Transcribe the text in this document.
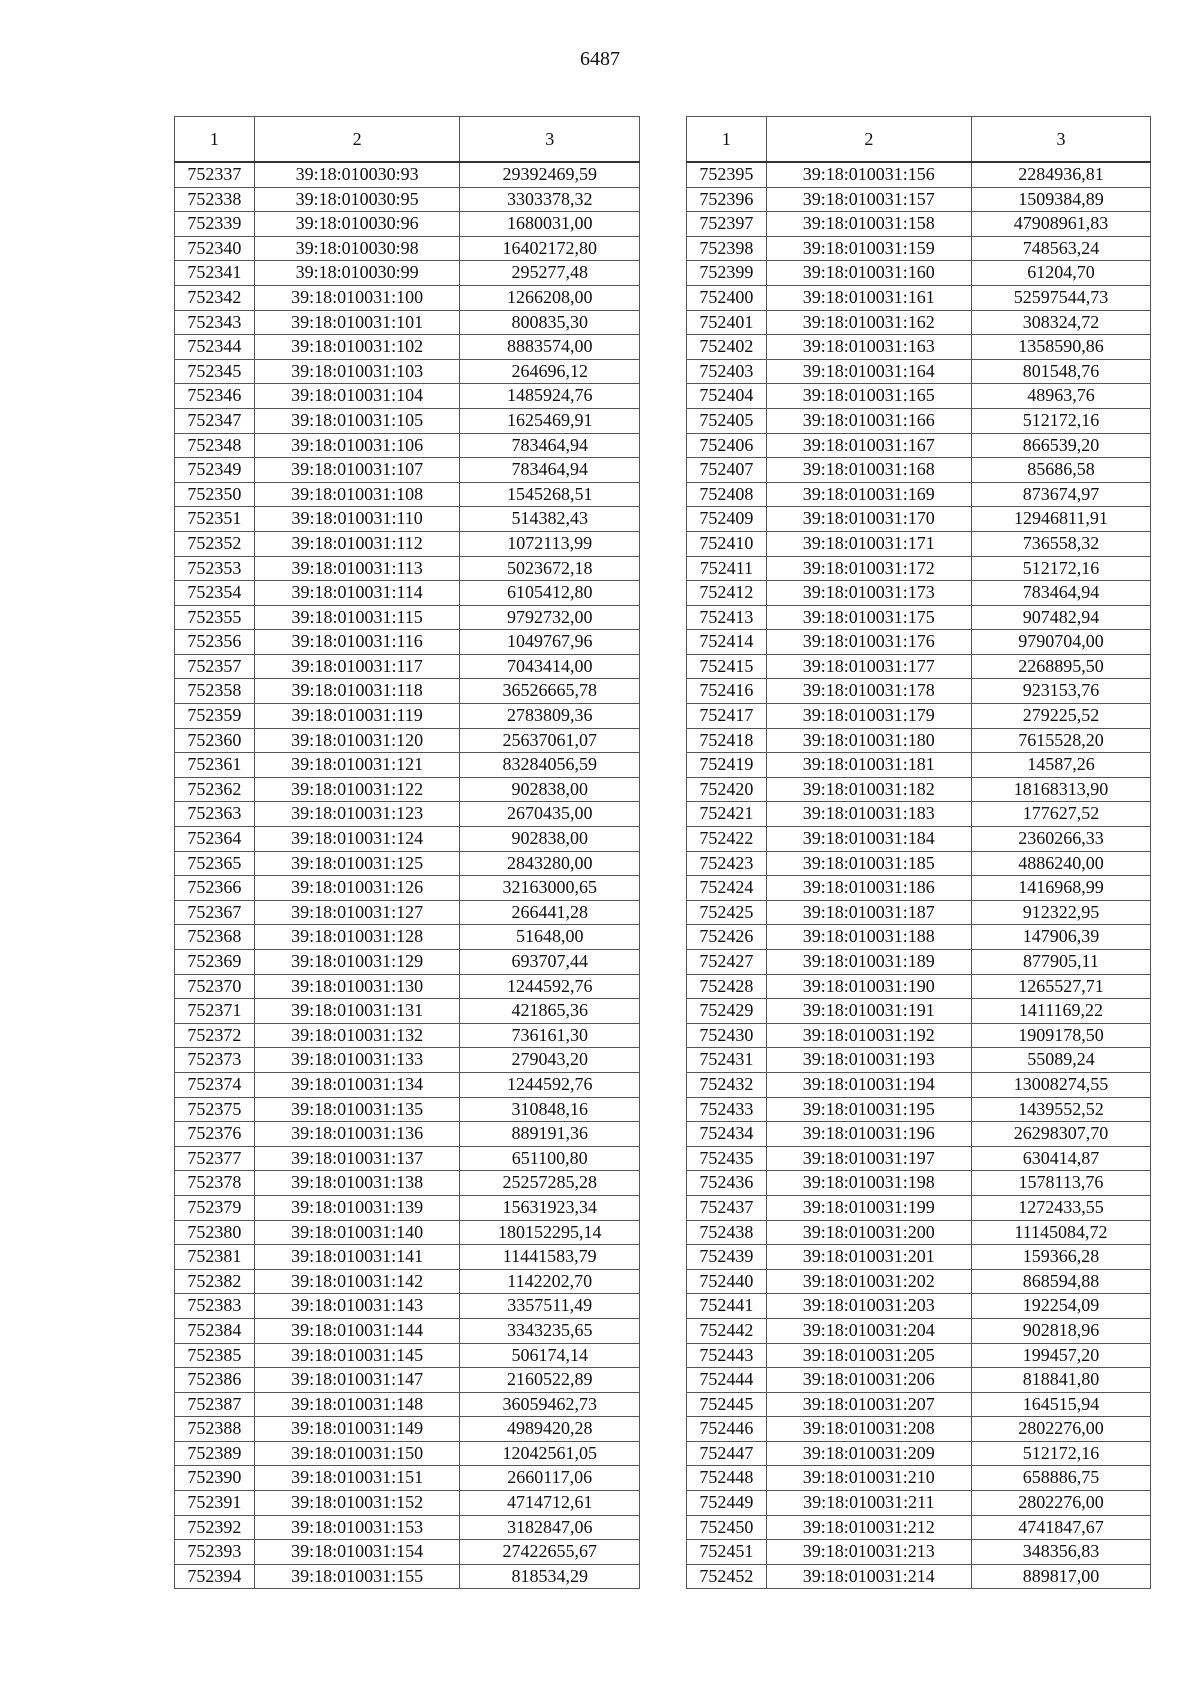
6487
1	2	3
752337	39:18:010030:93	29392469,59
752338	39:18:010030:95	3303378,32
752339	39:18:010030:96	1680031,00
752340	39:18:010030:98	16402172,80
752341	39:18:010030:99	295277,48
752342	39:18:010031:100	1266208,00
752343	39:18:010031:101	800835,30
752344	39:18:010031:102	8883574,00
752345	39:18:010031:103	264696,12
752346	39:18:010031:104	1485924,76
752347	39:18:010031:105	1625469,91
752348	39:18:010031:106	783464,94
752349	39:18:010031:107	783464,94
752350	39:18:010031:108	1545268,51
752351	39:18:010031:110	514382,43
752352	39:18:010031:112	1072113,99
752353	39:18:010031:113	5023672,18
752354	39:18:010031:114	6105412,80
752355	39:18:010031:115	9792732,00
752356	39:18:010031:116	1049767,96
752357	39:18:010031:117	7043414,00
752358	39:18:010031:118	36526665,78
752359	39:18:010031:119	2783809,36
752360	39:18:010031:120	25637061,07
752361	39:18:010031:121	83284056,59
752362	39:18:010031:122	902838,00
752363	39:18:010031:123	2670435,00
752364	39:18:010031:124	902838,00
752365	39:18:010031:125	2843280,00
752366	39:18:010031:126	32163000,65
752367	39:18:010031:127	266441,28
752368	39:18:010031:128	51648,00
752369	39:18:010031:129	693707,44
752370	39:18:010031:130	1244592,76
752371	39:18:010031:131	421865,36
752372	39:18:010031:132	736161,30
752373	39:18:010031:133	279043,20
752374	39:18:010031:134	1244592,76
752375	39:18:010031:135	310848,16
752376	39:18:010031:136	889191,36
752377	39:18:010031:137	651100,80
752378	39:18:010031:138	25257285,28
752379	39:18:010031:139	15631923,34
752380	39:18:010031:140	180152295,14
752381	39:18:010031:141	11441583,79
752382	39:18:010031:142	1142202,70
752383	39:18:010031:143	3357511,49
752384	39:18:010031:144	3343235,65
752385	39:18:010031:145	506174,14
752386	39:18:010031:147	2160522,89
752387	39:18:010031:148	36059462,73
752388	39:18:010031:149	4989420,28
752389	39:18:010031:150	12042561,05
752390	39:18:010031:151	2660117,06
752391	39:18:010031:152	4714712,61
752392	39:18:010031:153	3182847,06
752393	39:18:010031:154	27422655,67
752394	39:18:010031:155	818534,29
1	2	3
752395	39:18:010031:156	2284936,81
752396	39:18:010031:157	1509384,89
752397	39:18:010031:158	47908961,83
752398	39:18:010031:159	748563,24
752399	39:18:010031:160	61204,70
752400	39:18:010031:161	52597544,73
752401	39:18:010031:162	308324,72
752402	39:18:010031:163	1358590,86
752403	39:18:010031:164	801548,76
752404	39:18:010031:165	48963,76
752405	39:18:010031:166	512172,16
752406	39:18:010031:167	866539,20
752407	39:18:010031:168	85686,58
752408	39:18:010031:169	873674,97
752409	39:18:010031:170	12946811,91
752410	39:18:010031:171	736558,32
752411	39:18:010031:172	512172,16
752412	39:18:010031:173	783464,94
752413	39:18:010031:175	907482,94
752414	39:18:010031:176	9790704,00
752415	39:18:010031:177	2268895,50
752416	39:18:010031:178	923153,76
752417	39:18:010031:179	279225,52
752418	39:18:010031:180	7615528,20
752419	39:18:010031:181	14587,26
752420	39:18:010031:182	18168313,90
752421	39:18:010031:183	177627,52
752422	39:18:010031:184	2360266,33
752423	39:18:010031:185	4886240,00
752424	39:18:010031:186	1416968,99
752425	39:18:010031:187	912322,95
752426	39:18:010031:188	147906,39
752427	39:18:010031:189	877905,11
752428	39:18:010031:190	1265527,71
752429	39:18:010031:191	1411169,22
752430	39:18:010031:192	1909178,50
752431	39:18:010031:193	55089,24
752432	39:18:010031:194	13008274,55
752433	39:18:010031:195	1439552,52
752434	39:18:010031:196	26298307,70
752435	39:18:010031:197	630414,87
752436	39:18:010031:198	1578113,76
752437	39:18:010031:199	1272433,55
752438	39:18:010031:200	11145084,72
752439	39:18:010031:201	159366,28
752440	39:18:010031:202	868594,88
752441	39:18:010031:203	192254,09
752442	39:18:010031:204	902818,96
752443	39:18:010031:205	199457,20
752444	39:18:010031:206	818841,80
752445	39:18:010031:207	164515,94
752446	39:18:010031:208	2802276,00
752447	39:18:010031:209	512172,16
752448	39:18:010031:210	658886,75
752449	39:18:010031:211	2802276,00
752450	39:18:010031:212	4741847,67
752451	39:18:010031:213	348356,83
752452	39:18:010031:214	889817,00
